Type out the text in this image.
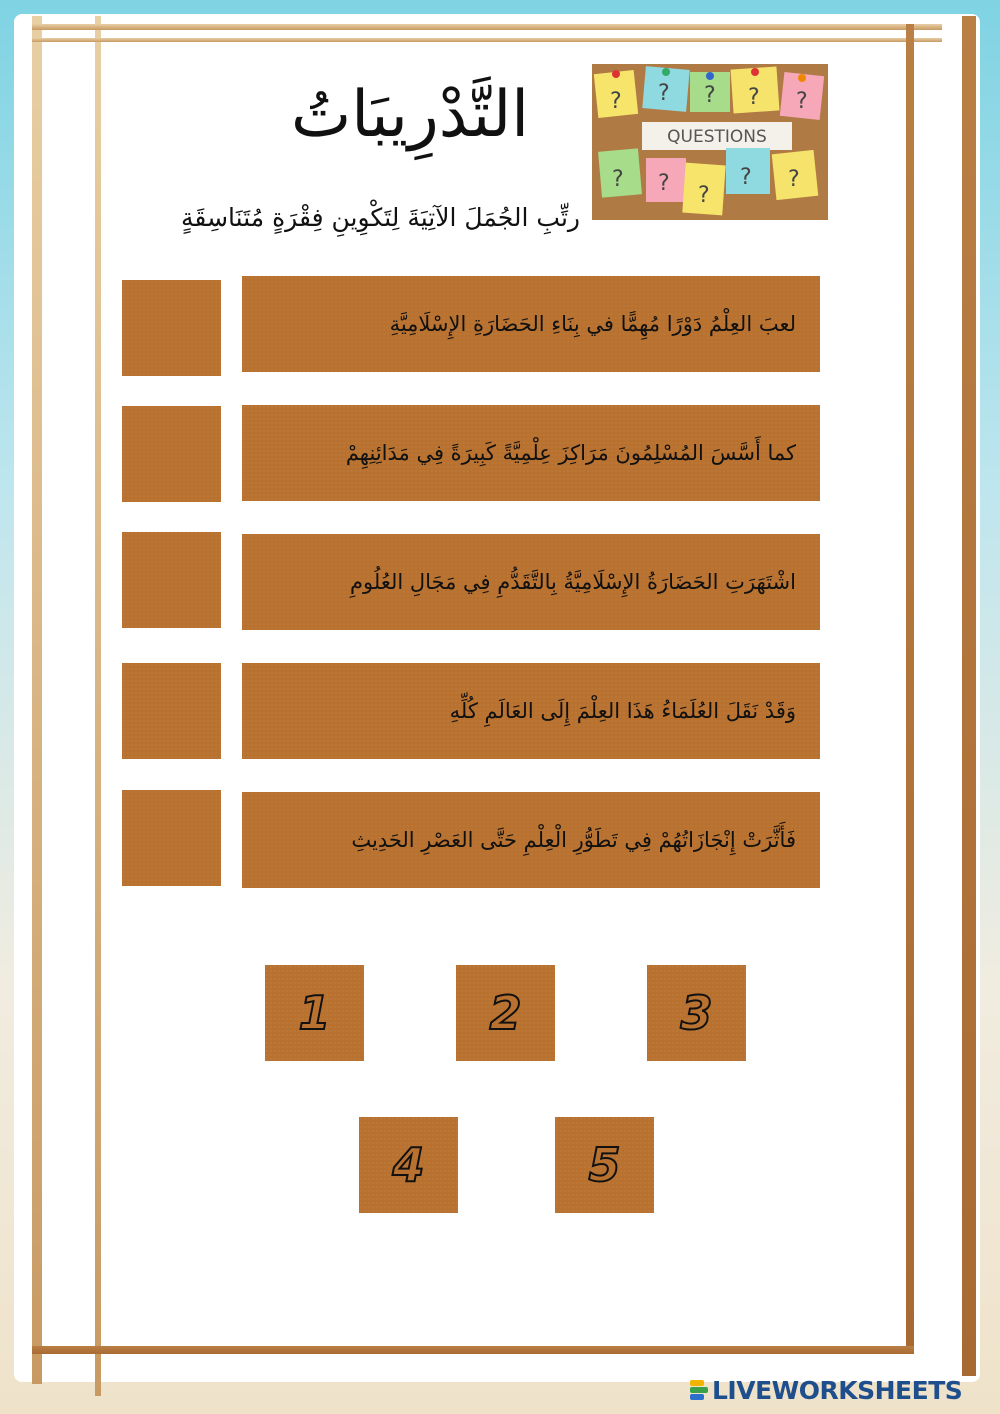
التَّدْرِيبَاتُ
رتِّبِ الجُمَلَ الآتِيَةَ لِتَكْوِينِ فِقْرَةٍ مُتَنَاسِقَةٍ
QUESTIONS
? ? ? ? ?
? ? ?
? ?
لعبَ العِلْمُ دَوْرًا مُهِمًّا في بِنَاءِ الحَضَارَةِ الإِسْلَامِيَّةِ
كما أَسَّسَ المُسْلِمُونَ مَرَاكِزَ عِلْمِيَّةً كَبِيرَةً فِي مَدَائِنِهِمْ
اشْتَهَرَتِ الحَضَارَةُ الإِسْلَامِيَّةُ بِالتَّقَدُّمِ فِي مَجَالِ العُلُومِ
وَقَدْ نَقَلَ العُلَمَاءُ هَذَا العِلْمَ إِلَى العَالَمِ كُلِّهِ
فَأَثَّرَتْ إِنْجَازَاتُهُمْ فِي تَطَوُّرِ الْعِلْمِ حَتَّى العَصْرِ الحَدِيثِ
1	2	3
4	5
LIVEWORKSHEETS
